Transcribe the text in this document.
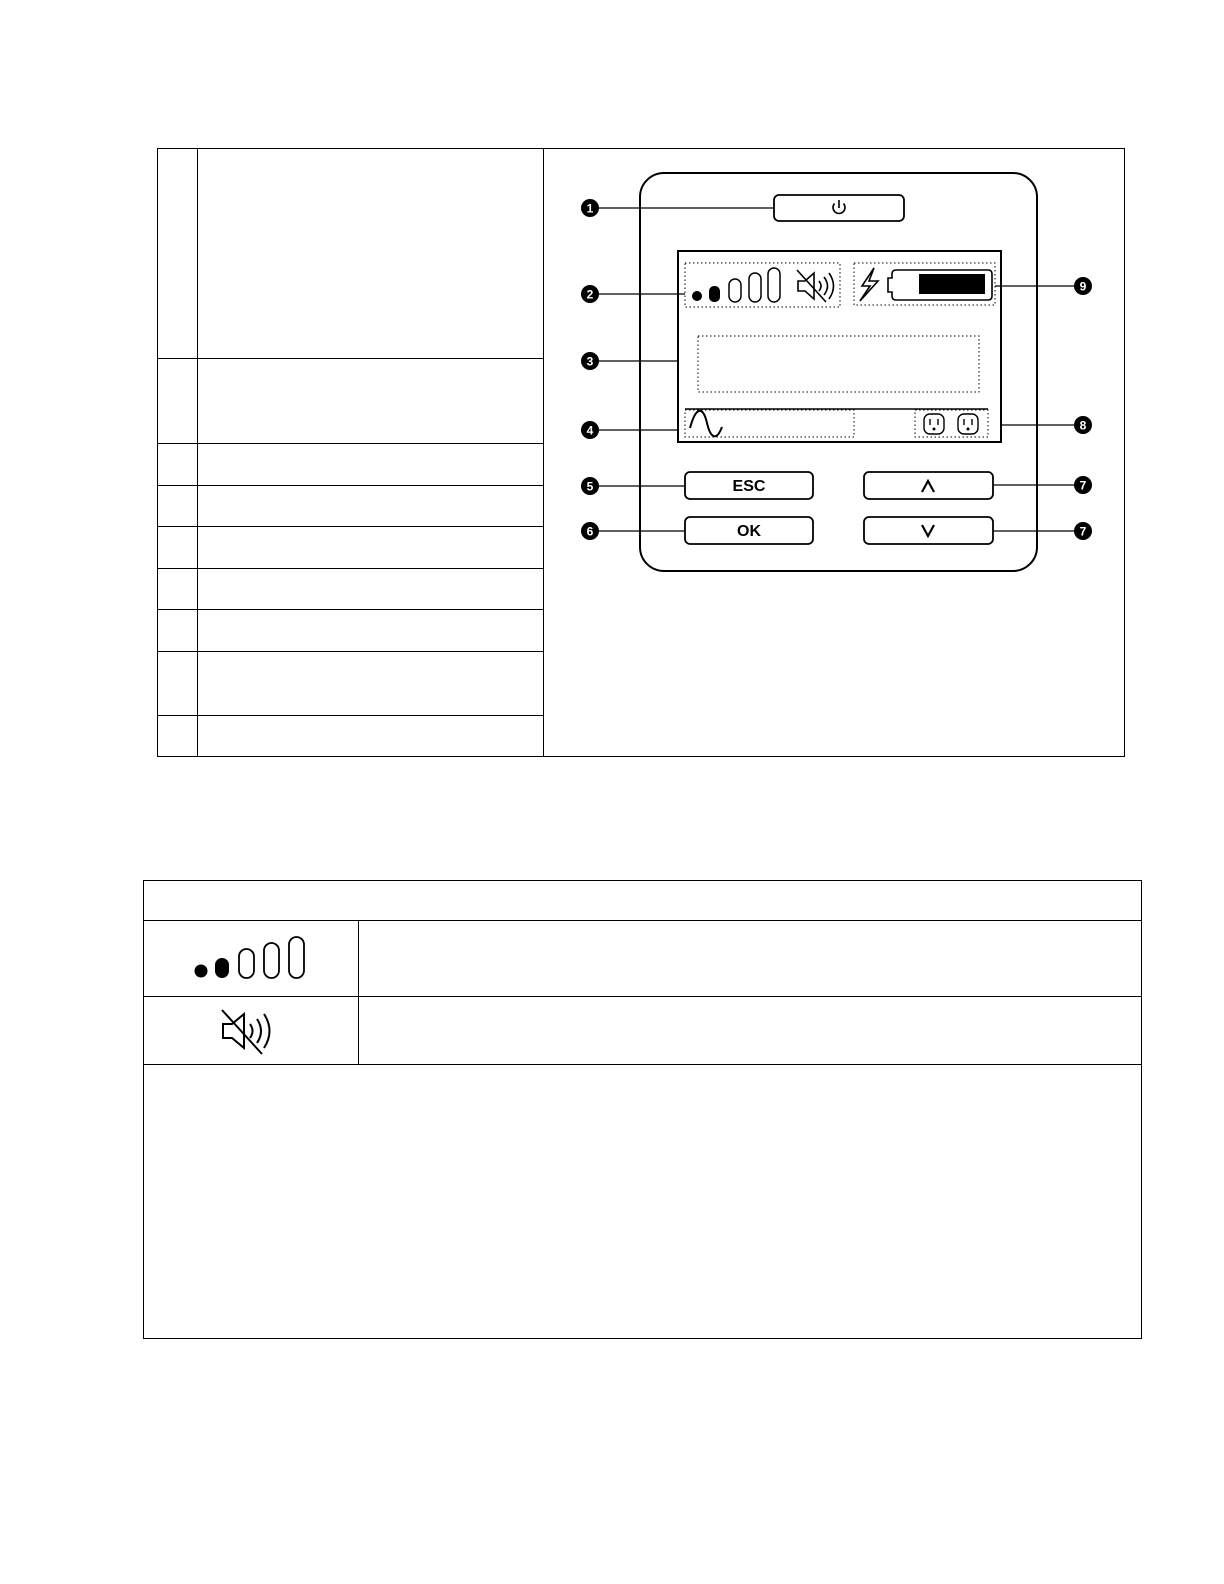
ESC
OK
1
2
3
4
5
6
7
7
8
9
